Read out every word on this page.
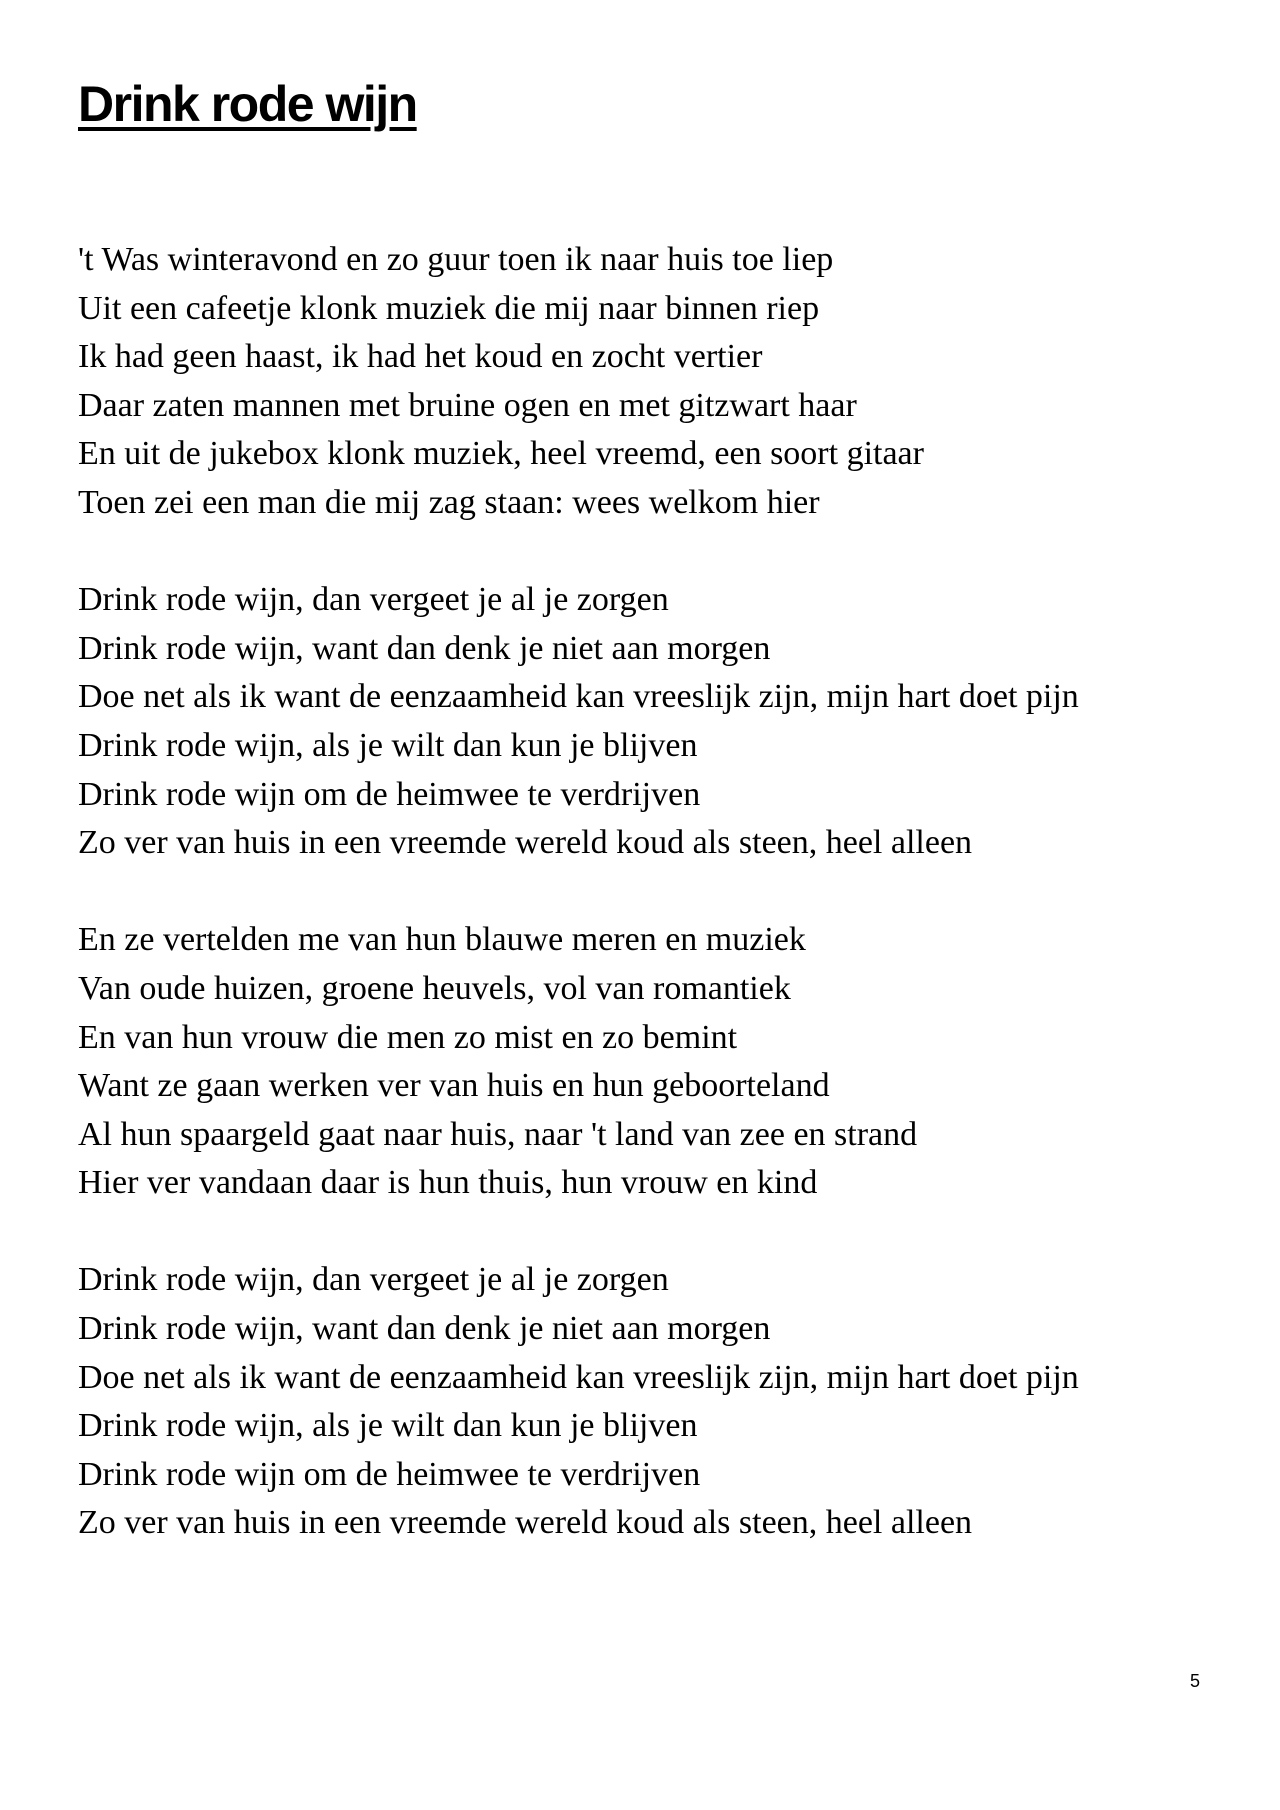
Drink rode wijn
't Was winteravond en zo guur toen ik naar huis toe liep
Uit een cafeetje klonk muziek die mij naar binnen riep
Ik had geen haast, ik had het koud en zocht vertier
Daar zaten mannen met bruine ogen en met gitzwart haar
En uit de jukebox klonk muziek, heel vreemd, een soort gitaar
Toen zei een man die mij zag staan: wees welkom hier
Drink rode wijn, dan vergeet je al je zorgen
Drink rode wijn, want dan denk je niet aan morgen
Doe net als ik want de eenzaamheid kan vreeslijk zijn, mijn hart doet pijn
Drink rode wijn, als je wilt dan kun je blijven
Drink rode wijn om de heimwee te verdrijven
Zo ver van huis in een vreemde wereld koud als steen, heel alleen
En ze vertelden me van hun blauwe meren en muziek
Van oude huizen, groene heuvels, vol van romantiek
En van hun vrouw die men zo mist en zo bemint
Want ze gaan werken ver van huis en hun geboorteland
Al hun spaargeld gaat naar huis, naar 't land van zee en strand
Hier ver vandaan daar is hun thuis, hun vrouw en kind
Drink rode wijn, dan vergeet je al je zorgen
Drink rode wijn, want dan denk je niet aan morgen
Doe net als ik want de eenzaamheid kan vreeslijk zijn, mijn hart doet pijn
Drink rode wijn, als je wilt dan kun je blijven
Drink rode wijn om de heimwee te verdrijven
Zo ver van huis in een vreemde wereld koud als steen, heel alleen
5
